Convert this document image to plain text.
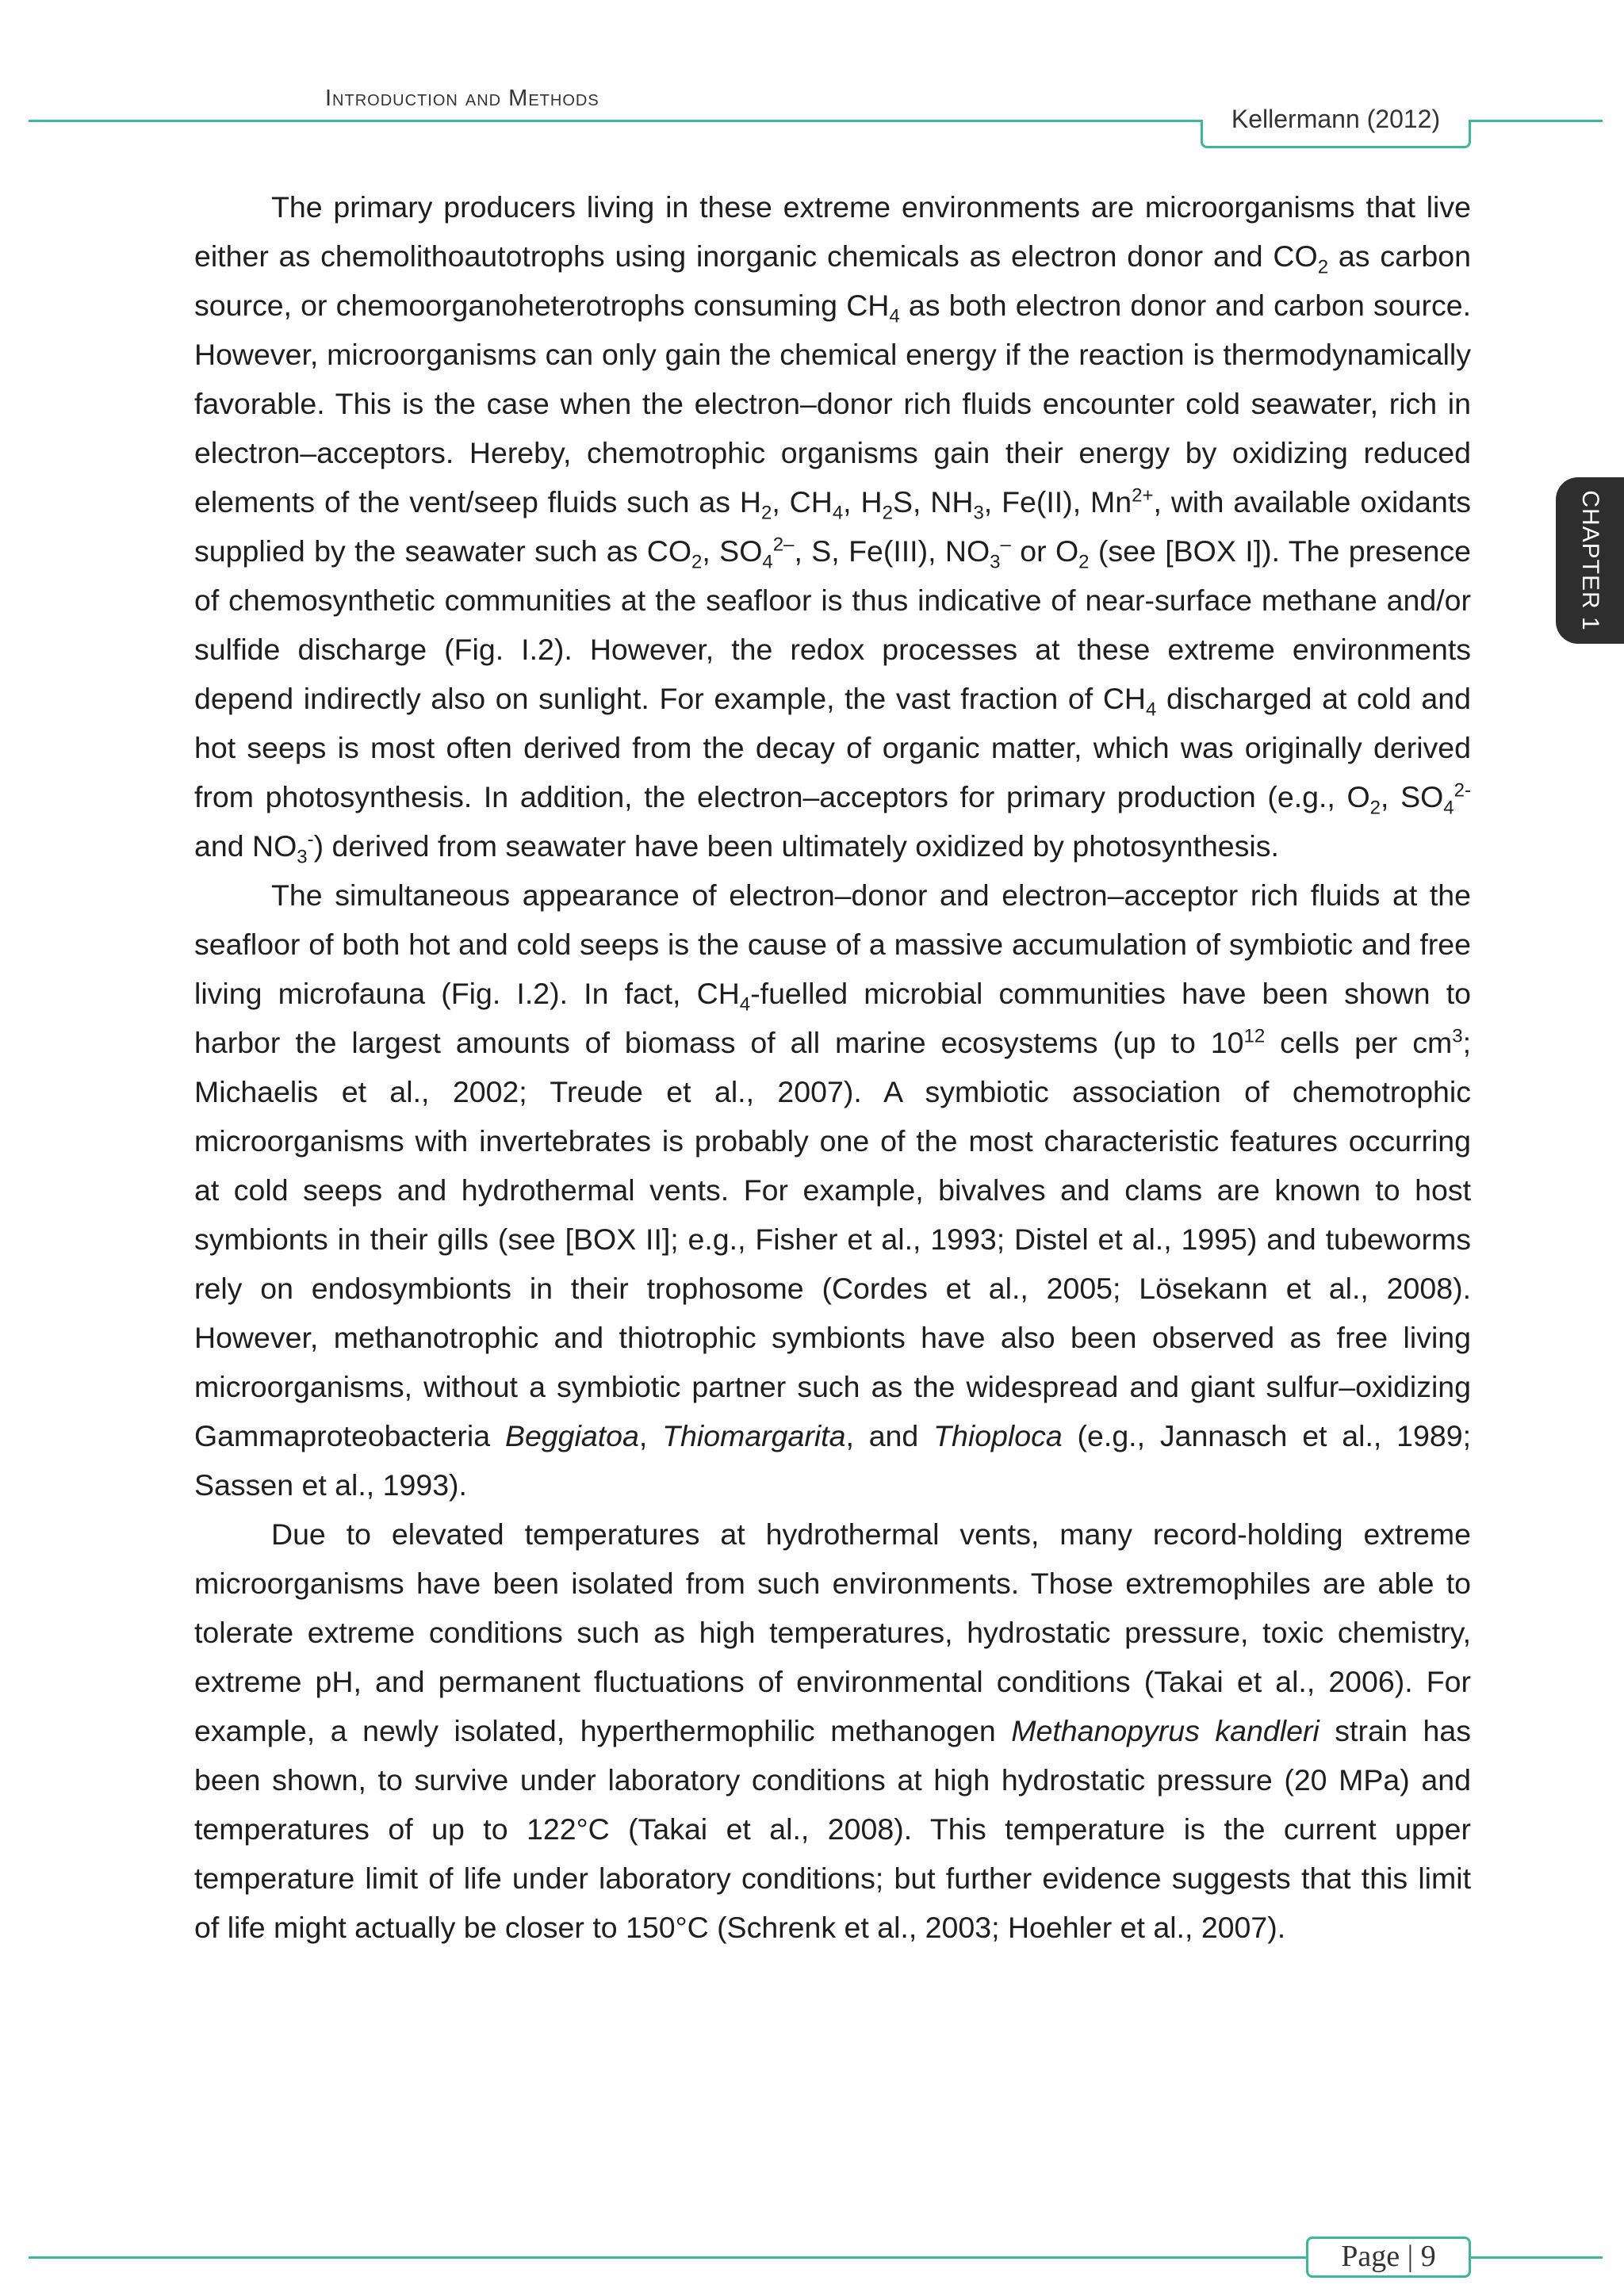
Introduction and Methods
Kellermann (2012)
CHAPTER 1

The primary producers living in these extreme environments are microorganisms that live either as chemolithoautotrophs using inorganic chemicals as electron donor and $CO_2$ as carbon source, or chemoorganoheterotrophs consuming $CH_4$ as both electron donor and carbon source. However, microorganisms can only gain the chemical energy if the reaction is thermodynamically favorable. This is the case when the electron–donor rich fluids encounter cold seawater, rich in electron–acceptors. Hereby, chemotrophic organisms gain their energy by oxidizing reduced elements of the vent/seep fluids such as $H_2$, $CH_4$, $H_2S$, $NH_3$, Fe(II), $Mn^{2+}$, with available oxidants supplied by the seawater such as $CO_2$, $SO_4^{2-}$, S, Fe(III), $NO_3^-$ or $O_2$ (see [BOX I]). The presence of chemosynthetic communities at the seafloor is thus indicative of near-surface methane and/or sulfide discharge (Fig. I.2). However, the redox processes at these extreme environments depend indirectly also on sunlight. For example, the vast fraction of $CH_4$ discharged at cold and hot seeps is most often derived from the decay of organic matter, which was originally derived from photosynthesis. In addition, the electron–acceptors for primary production (e.g., $O_2$, $SO_4^{2-}$ and $NO_3^-$) derived from seawater have been ultimately oxidized by photosynthesis.

The simultaneous appearance of electron–donor and electron–acceptor rich fluids at the seafloor of both hot and cold seeps is the cause of a massive accumulation of symbiotic and free living microfauna (Fig. I.2). In fact, $CH_4$-fuelled microbial communities have been shown to harbor the largest amounts of biomass of all marine ecosystems (up to $10^{12}$ cells per $cm^3$; Michaelis et al., 2002; Treude et al., 2007). A symbiotic association of chemotrophic microorganisms with invertebrates is probably one of the most characteristic features occurring at cold seeps and hydrothermal vents. For example, bivalves and clams are known to host symbionts in their gills (see [BOX II]; e.g., Fisher et al., 1993; Distel et al., 1995) and tubeworms rely on endosymbionts in their trophosome (Cordes et al., 2005; Lösekann et al., 2008). However, methanotrophic and thiotrophic symbionts have also been observed as free living microorganisms, without a symbiotic partner such as the widespread and giant sulfur–oxidizing Gammaproteobacteria Beggiatoa, Thiomargarita, and Thioploca (e.g., Jannasch et al., 1989; Sassen et al., 1993).

Due to elevated temperatures at hydrothermal vents, many record-holding extreme microorganisms have been isolated from such environments. Those extremophiles are able to tolerate extreme conditions such as high temperatures, hydrostatic pressure, toxic chemistry, extreme pH, and permanent fluctuations of environmental conditions (Takai et al., 2006). For example, a newly isolated, hyperthermophilic methanogen Methanopyrus kandleri strain has been shown, to survive under laboratory conditions at high hydrostatic pressure (20 MPa) and temperatures of up to 122°C (Takai et al., 2008). This temperature is the current upper temperature limit of life under laboratory conditions; but further evidence suggests that this limit of life might actually be closer to 150°C (Schrenk et al., 2003; Hoehler et al., 2007).

Page | 9
